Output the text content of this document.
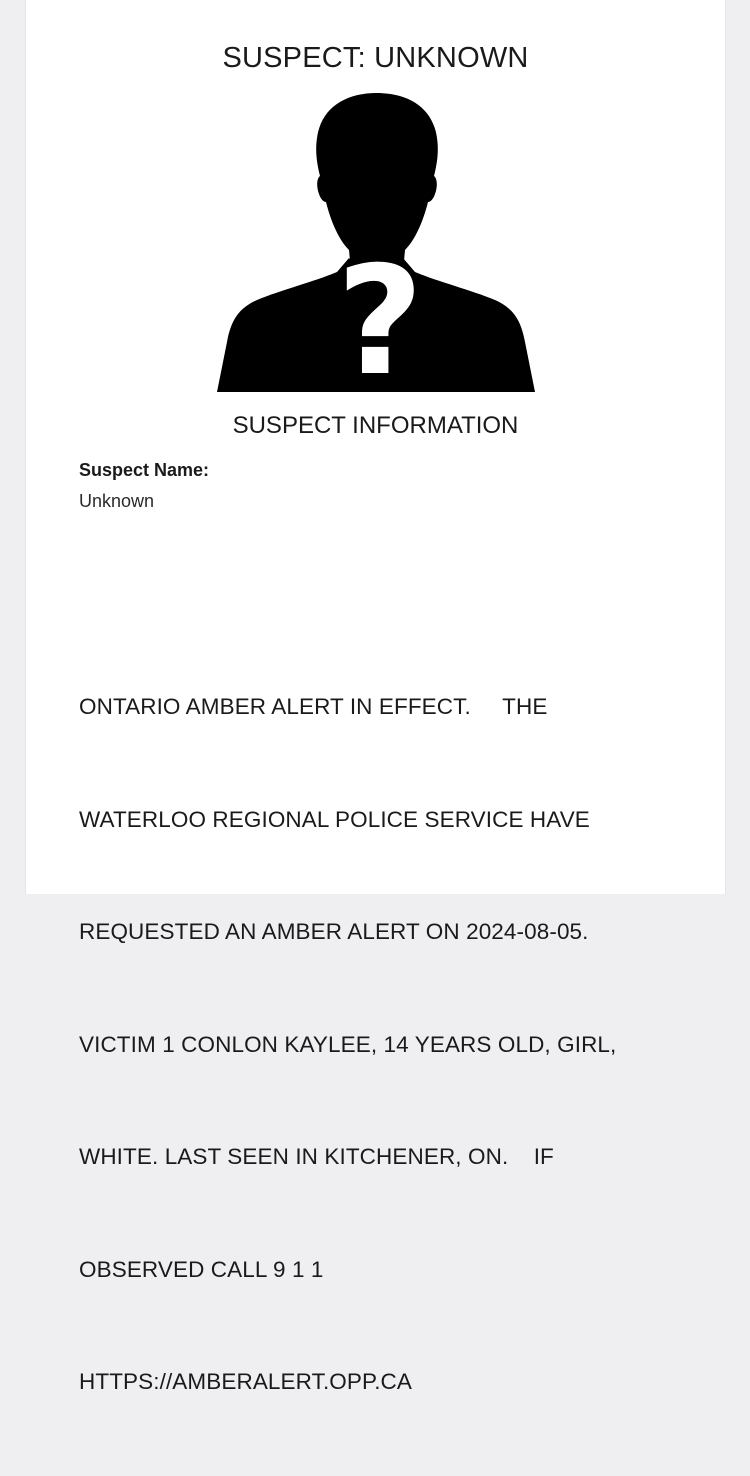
SUSPECT: UNKNOWN
?
SUSPECT INFORMATION
Suspect Name:
Unknown

ONTARIO AMBER ALERT IN EFFECT.     THE

WATERLOO REGIONAL POLICE SERVICE HAVE

REQUESTED AN AMBER ALERT ON 2024-08-05.

VICTIM 1 CONLON KAYLEE, 14 YEARS OLD, GIRL,

WHITE. LAST SEEN IN KITCHENER, ON.    IF

OBSERVED CALL 9 1 1

HTTPS://AMBERALERT.OPP.CA
